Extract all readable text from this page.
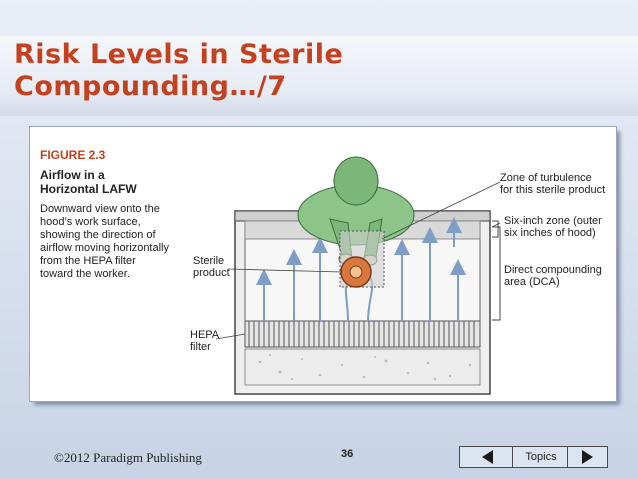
Risk Levels in Sterile
Compounding…/7
FIGURE 2.3
Airflow in a Horizontal LAFW
Downward view onto the hood’s work surface, showing the direction of airflow moving horizontally from the HEPA filter toward the worker.
Zone of turbulence
for this sterile product
Six-inch zone (outer
six inches of hood)
Direct compounding
area (DCA)
Sterile
product
HEPA
filter
©2012 Paradigm Publishing	36	Topics
